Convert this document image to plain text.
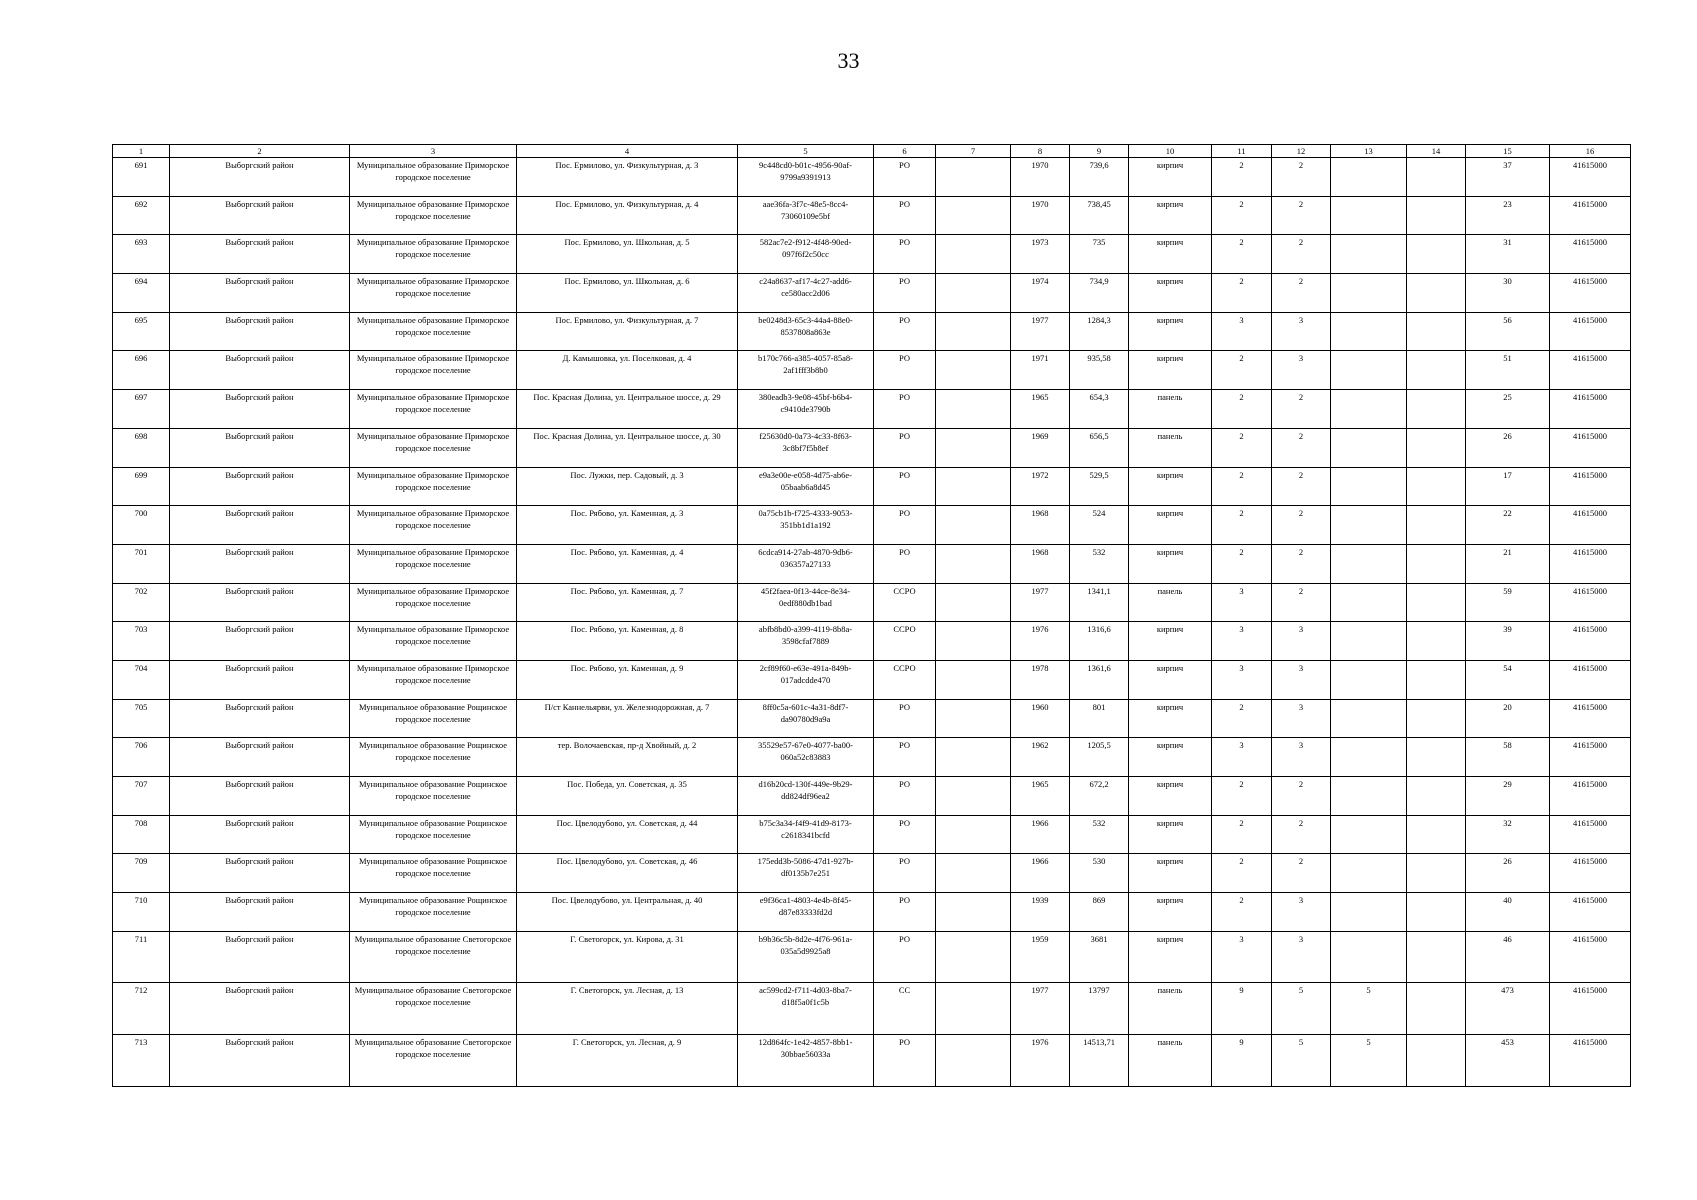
33
1	2	3	4	5	6	7	8	9	10	11	12	13	14	15	16
691	Выборгский район	Муниципальное образование Приморское городское поселение	Пос. Ермилово, ул. Физкультурная, д. 3	9c448cd0-b01c-4956-90af-9799a9391913	РО		1970	739,6	кирпич	2	2			37	41615000
692	Выборгский район	Муниципальное образование Приморское городское поселение	Пос. Ермилово, ул. Физкультурная, д. 4	aae36fa-3f7c-48e5-8cc4-73060109e5bf	РО		1970	738,45	кирпич	2	2			23	41615000
693	Выборгский район	Муниципальное образование Приморское городское поселение	Пос. Ермилово, ул. Школьная, д. 5	582ac7e2-f912-4f48-90ed-097f6f2c50cc	РО		1973	735	кирпич	2	2			31	41615000
694	Выборгский район	Муниципальное образование Приморское городское поселение	Пос. Ермилово, ул. Школьная, д. 6	c24a8637-af17-4c27-add6-ce580acc2d06	РО		1974	734,9	кирпич	2	2			30	41615000
695	Выборгский район	Муниципальное образование Приморское городское поселение	Пос. Ермилово, ул. Физкультурная, д. 7	be0248d3-65c3-44a4-88e0-8537808a863e	РО		1977	1284,3	кирпич	3	3			56	41615000
696	Выборгский район	Муниципальное образование Приморское городское поселение	Д. Камышовка, ул. Поселковая, д. 4	b170c766-a385-4057-85a8-2af1fff3b8b0	РО		1971	935,58	кирпич	2	3			51	41615000
697	Выборгский район	Муниципальное образование Приморское городское поселение	Пос. Красная Долина, ул. Центральное шоссе, д. 29	380eadb3-9e08-45bf-b6b4-c9410de3790b	РО		1965	654,3	панель	2	2			25	41615000
698	Выборгский район	Муниципальное образование Приморское городское поселение	Пос. Красная Долина, ул. Центральное шоссе, д. 30	f25630d0-0a73-4c33-8f63-3c8bf7f5b8ef	РО		1969	656,5	панель	2	2			26	41615000
699	Выборгский район	Муниципальное образование Приморское городское поселение	Пос. Лужки, пер. Садовый, д. 3	e9a3e00e-e058-4d75-ab6e-05baab6a8d45	РО		1972	529,5	кирпич	2	2			17	41615000
700	Выборгский район	Муниципальное образование Приморское городское поселение	Пос. Рябово, ул. Каменная, д. 3	0a75cb1b-f725-4333-9053-351bb1d1a192	РО		1968	524	кирпич	2	2			22	41615000
701	Выборгский район	Муниципальное образование Приморское городское поселение	Пос. Рябово, ул. Каменная, д. 4	6cdca914-27ab-4870-9db6-036357a27133	РО		1968	532	кирпич	2	2			21	41615000
702	Выборгский район	Муниципальное образование Приморское городское поселение	Пос. Рябово, ул. Каменная, д. 7	45f2faea-0f13-44ce-8e34-0edf880db1bad	ССРО		1977	1341,1	панель	3	2			59	41615000
703	Выборгский район	Муниципальное образование Приморское городское поселение	Пос. Рябово, ул. Каменная, д. 8	abfb8bd0-a399-4119-8b8a-3598cfaf7889	ССРО		1976	1316,6	кирпич	3	3			39	41615000
704	Выборгский район	Муниципальное образование Приморское городское поселение	Пос. Рябово, ул. Каменная, д. 9	2cf89f60-e63e-491a-849b-017adcdde470	ССРО		1978	1361,6	кирпич	3	3			54	41615000
705	Выборгский район	Муниципальное образование Рощинское городское поселение	П/ст Каннельярви, ул. Железнодорожная, д. 7	8ff0c5a-601c-4a31-8df7-da90780d9a9a	РО		1960	801	кирпич	2	3			20	41615000
706	Выборгский район	Муниципальное образование Рощинское городское поселение	тер. Волочаевская, пр-д Хвойный, д. 2	35529e57-67e0-4077-ba00-060a52c83883	РО		1962	1205,5	кирпич	3	3			58	41615000
707	Выборгский район	Муниципальное образование Рощинское городское поселение	Пос. Победа, ул. Советская, д. 35	d16b20cd-130f-449e-9b29-dd824df96ea2	РО		1965	672,2	кирпич	2	2			29	41615000
708	Выборгский район	Муниципальное образование Рощинское городское поселение	Пос. Цвелодубово, ул. Советская, д. 44	b75c3a34-f4f9-41d9-8173-c2618341bcfd	РО		1966	532	кирпич	2	2			32	41615000
709	Выборгский район	Муниципальное образование Рощинское городское поселение	Пос. Цвелодубово, ул. Советская, д. 46	175edd3b-5086-47d1-927b-df0135b7e251	РО		1966	530	кирпич	2	2			26	41615000
710	Выборгский район	Муниципальное образование Рощинское городское поселение	Пос. Цвелодубово, ул. Центральная, д. 40	e9f36ca1-4803-4e4b-8f45-d87e83333fd2d	РО		1939	869	кирпич	2	3			40	41615000
711	Выборгский район	Муниципальное образование Светогорское городское поселение	Г. Светогорск, ул. Кирова, д. 31	b9b36c5b-8d2e-4f76-961a-035a5d9925a8	РО		1959	3681	кирпич	3	3			46	41615000
712	Выборгский район	Муниципальное образование Светогорское городское поселение	Г. Светогорск, ул. Лесная, д. 13	ac599cd2-f711-4d03-8ba7-d18f5a0f1c5b	СС		1977	13797	панель	9	5	5		473	41615000
713	Выборгский район	Муниципальное образование Светогорское городское поселение	Г. Светогорск, ул. Лесная, д. 9	12d864fc-1e42-4857-8bb1-30bbae56033a	РО		1976	14513,71	панель	9	5	5		453	41615000
